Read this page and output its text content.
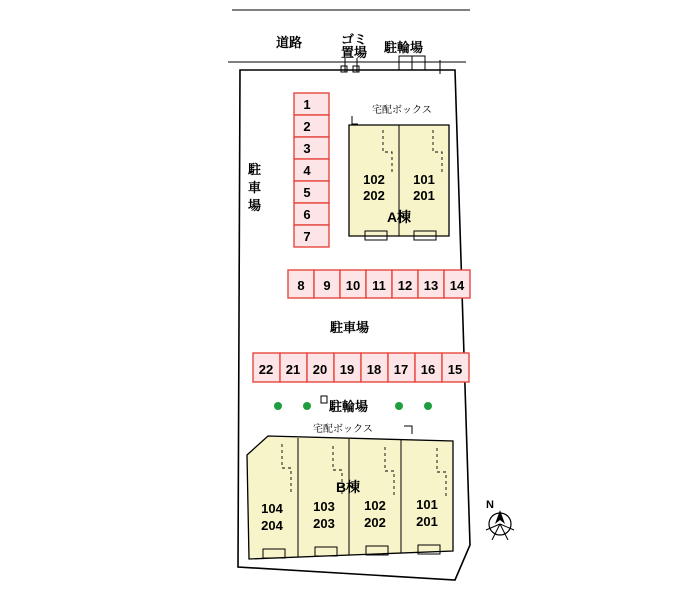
道路	ゴミ
置場 駐輪場
宅配ボックス
駐
車
場
1
2
3
4
5
6
7
102
202
101
201
A棟
8 9 10 11 12 13 14
駐車場
22 21 20 19 18 17 16 15
駐輪場
宅配ボックス
104
204
103
203
102
202
101
201
B棟
N
